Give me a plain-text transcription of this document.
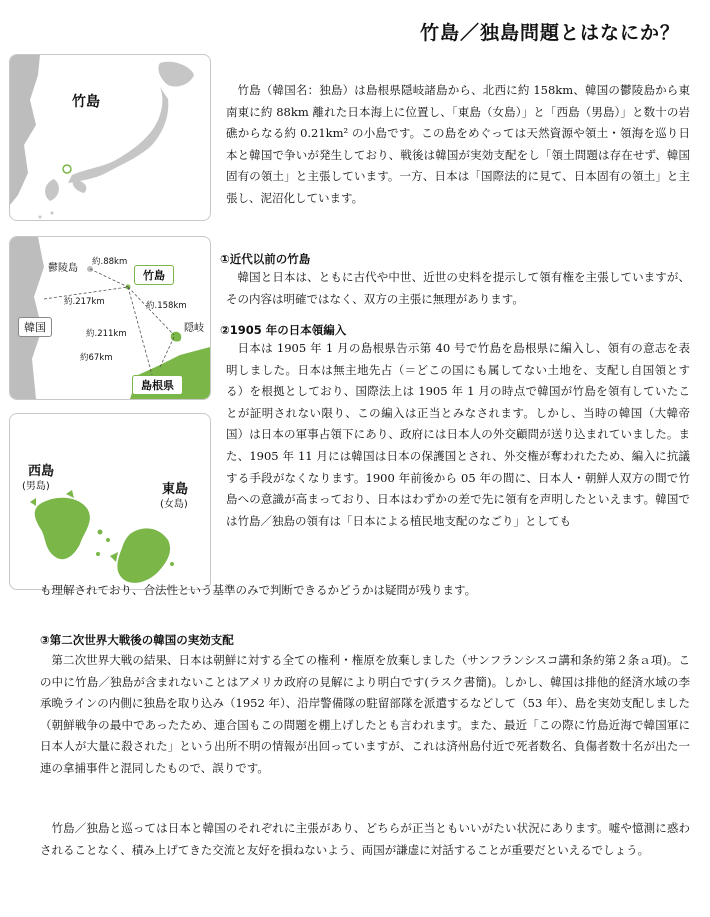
竹島／独島問題とはなにか？
竹島
鬱陵島
約.88km
竹島
約.217km	約.158km
韓国	約.211km	隠岐
約67km
島根県
西島
(男島)	東島
(女島)
竹島（韓国名：独島）は島根県隠岐諸島から、北西に約 158km、韓国の鬱陵島から東南東に約 88km 離れた日本海上に位置し、「東島（女島）」と「西島（男島）」と数十の岩礁からなる約 0.21km² の小島です。この島をめぐっては天然資源や領土・領海を巡り日本と韓国で争いが発生しており、戦後は韓国が実効支配をし「領土問題は存在せず、韓国固有の領土」と主張しています。一方、日本は「国際法的に見て、日本固有の領土」と主張し、泥沼化しています。
①近代以前の竹島
韓国と日本は、ともに古代や中世、近世の史料を提示して領有権を主張していますが、その内容は明確ではなく、双方の主張に無理があります。
②1905 年の日本領編入
日本は 1905 年 1 月の島根県告示第 40 号で竹島を島根県に編入し、領有の意志を表明しました。日本は無主地先占（＝どこの国にも属してない土地を、支配し自国領とする）を根拠としており、国際法上は 1905 年 1 月の時点で韓国が竹島を領有していたことが証明されない限り、この編入は正当とみなされます。しかし、当時の韓国（大韓帝国）は日本の軍事占領下にあり、政府には日本人の外交顧問が送り込まれていました。また、1905 年 11 月には韓国は日本の保護国とされ、外交権が奪われたため、編入に抗議する手段がなくなります。1900 年前後から 05 年の間に、日本人・朝鮮人双方の間で竹島への意識が高まっており、日本はわずかの差で先に領有を声明したといえます。韓国では竹島／独島の領有は「日本による植民地支配のなごり」としても
も理解されており、合法性という基準のみで判断できるかどうかは疑問が残ります。
③第二次世界大戦後の韓国の実効支配
第二次世界大戦の結果、日本は朝鮮に対する全ての権利・権原を放棄しました（サンフランシスコ講和条約第２条ａ項)。この中に竹島／独島が含まれないことはアメリカ政府の見解により明白です(ラスク書簡)。しかし、韓国は排他的経済水域の李承晩ラインの内側に独島を取り込み（1952 年）、沿岸警備隊の駐留部隊を派遣するなどして（53 年）、島を実効支配しました（朝鮮戦争の最中であったため、連合国もこの問題を棚上げしたとも言われます。また、最近「この際に竹島近海で韓国軍に日本人が大量に殺された」という出所不明の情報が出回っていますが、これは済州島付近で死者数名、負傷者数十名が出た一連の拿捕事件と混同したもので、誤りです。
竹島／独島と巡っては日本と韓国のそれぞれに主張があり、どちらが正当ともいいがたい状況にあります。嘘や憶測に惑わされることなく、積み上げてきた交流と友好を損ねないよう、両国が謙虚に対話することが重要だといえるでしょう。
